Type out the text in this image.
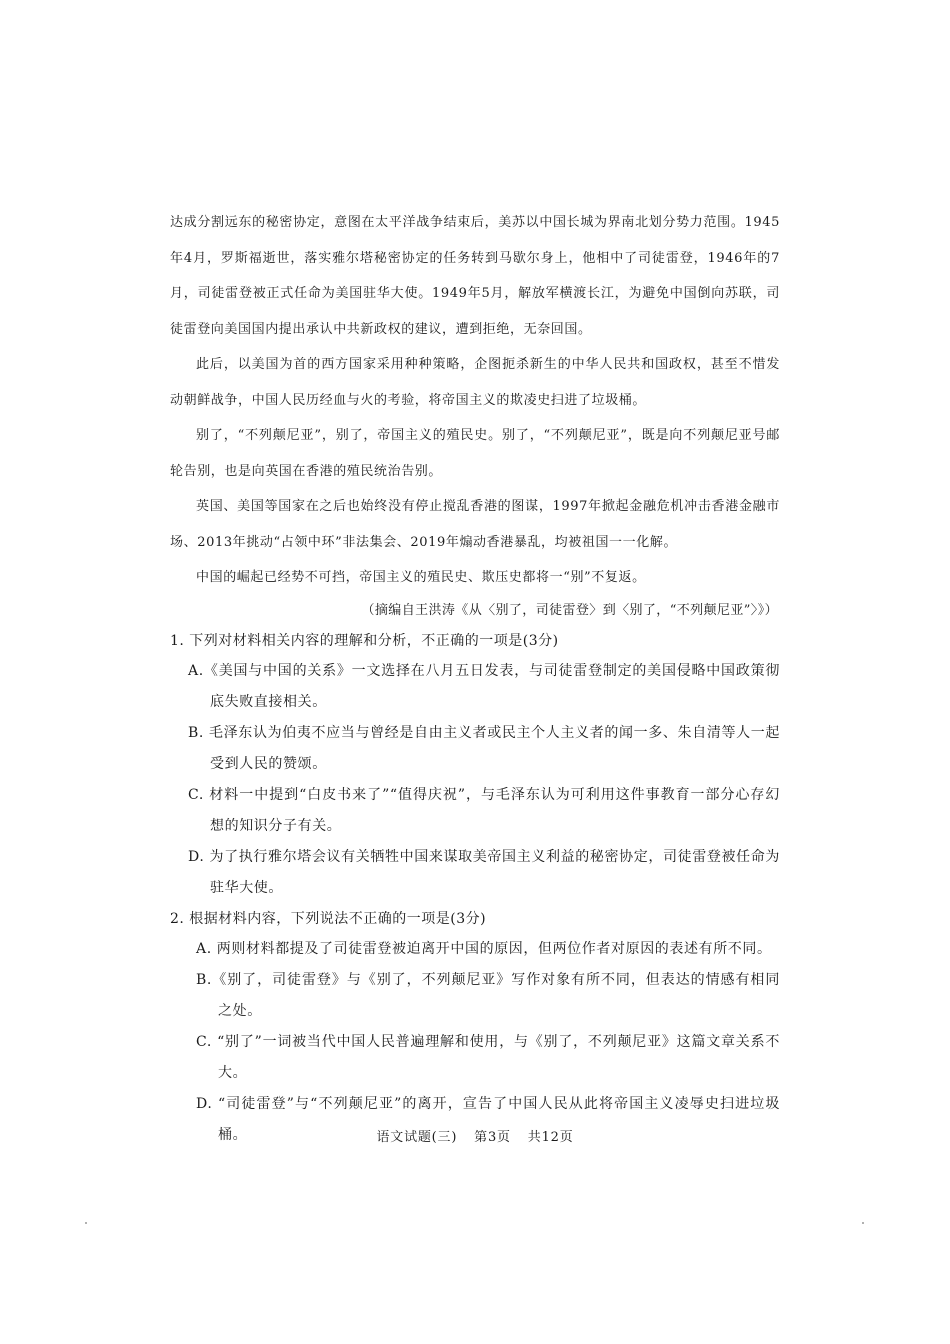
达成分割远东的秘密协定，意图在太平洋战争结束后，美苏以中国长城为界南北划分势力范围。1945年4月，罗斯福逝世，落实雅尔塔秘密协定的任务转到马歇尔身上，他相中了司徒雷登，1946年的7月，司徒雷登被正式任命为美国驻华大使。1949年5月，解放军横渡长江，为避免中国倒向苏联，司徒雷登向美国国内提出承认中共新政权的建议，遭到拒绝，无奈回国。

此后，以美国为首的西方国家采用种种策略，企图扼杀新生的中华人民共和国政权，甚至不惜发动朝鲜战争，中国人民历经血与火的考验，将帝国主义的欺凌史扫进了垃圾桶。

别了，“不列颠尼亚”，别了，帝国主义的殖民史。别了，“不列颠尼亚”，既是向不列颠尼亚号邮轮告别，也是向英国在香港的殖民统治告别。

英国、美国等国家在之后也始终没有停止搅乱香港的图谋，1997年掀起金融危机冲击香港金融市场、2013年挑动“占领中环”非法集会、2019年煽动香港暴乱，均被祖国一一化解。

中国的崛起已经势不可挡，帝国主义的殖民史、欺压史都将一“别”不复返。

（摘编自王洪涛《从〈别了，司徒雷登〉到〈别了，“不列颠尼亚”〉》）

1. 下列对材料相关内容的理解和分析，不正确的一项是(3分)

A.《美国与中国的关系》一文选择在八月五日发表，与司徒雷登制定的美国侵略中国政策彻底失败直接相关。

B. 毛泽东认为伯夷不应当与曾经是自由主义者或民主个人主义者的闻一多、朱自清等人一起受到人民的赞颂。

C. 材料一中提到“白皮书来了”“值得庆祝”，与毛泽东认为可利用这件事教育一部分心存幻想的知识分子有关。

D. 为了执行雅尔塔会议有关牺牲中国来谋取美帝国主义利益的秘密协定，司徒雷登被任命为驻华大使。

2. 根据材料内容，下列说法不正确的一项是(3分)

A. 两则材料都提及了司徒雷登被迫离开中国的原因，但两位作者对原因的表述有所不同。

B.《别了，司徒雷登》与《别了，不列颠尼亚》写作对象有所不同，但表达的情感有相同之处。

C. “别了”一词被当代中国人民普遍理解和使用，与《别了，不列颠尼亚》这篇文章关系不大。

D. “司徒雷登”与“不列颠尼亚”的离开，宣告了中国人民从此将帝国主义凌辱史扫进垃圾桶。	语文试题(三) 第3页 共12页
